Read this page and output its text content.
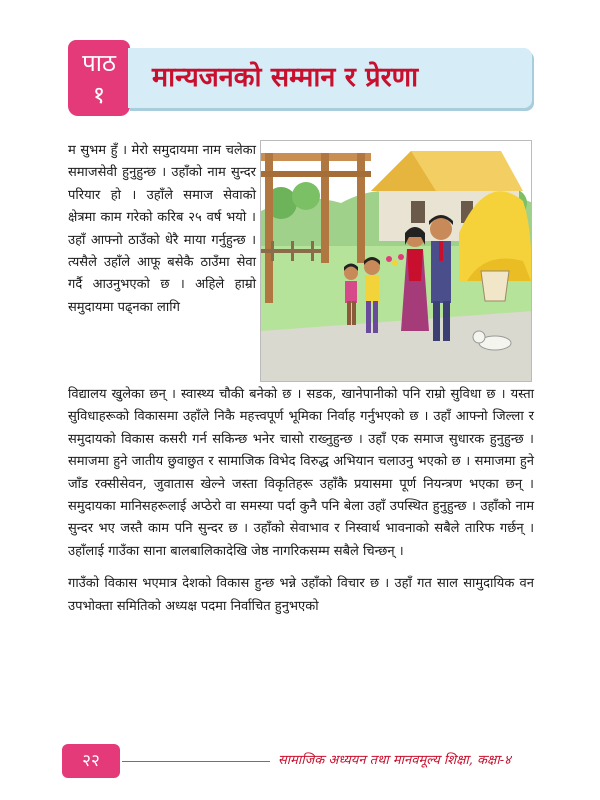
पाठ
१
मान्यजनको सम्मान र प्रेरणा

म सुभम हुँ । मेरो समुदायमा नाम चलेका समाजसेवी हुनुहुन्छ । उहाँको नाम सुन्दर परियार हो । उहाँले समाज सेवाको क्षेत्रमा काम गरेको करिब २५ वर्ष भयो । उहाँ आफ्नो ठाउँको धेरै माया गर्नुहुन्छ । त्यसैले उहाँले आफू बसेकै ठाउँमा सेवा गर्दै आउनुभएको छ । अहिले हाम्रो समुदायमा पढ्नका लागि

विद्यालय खुलेका छन् । स्वास्थ्य चौकी बनेको छ । सडक, खानेपानीको पनि राम्रो सुविधा छ । यस्ता सुविधाहरूको विकासमा उहाँले निकै महत्त्वपूर्ण भूमिका निर्वाह गर्नुभएको छ । उहाँ आफ्नो जिल्ला र समुदायको विकास कसरी गर्न सकिन्छ भनेर चासो राख्नुहुन्छ । उहाँ एक समाज सुधारक हुनुहुन्छ । समाजमा हुने जातीय छुवाछुत र सामाजिक विभेद विरुद्ध अभियान चलाउनु भएको छ । समाजमा हुने जाँड रक्सीसेवन, जुवातास खेल्ने जस्ता विकृतिहरू उहाँकै प्रयासमा पूर्ण नियन्त्रण भएका छन् । समुदायका मानिसहरूलाई अप्ठेरो वा समस्या पर्दा कुनै पनि बेला उहाँ उपस्थित हुनुहुन्छ । उहाँको नाम सुन्दर भए जस्तै काम पनि सुन्दर छ । उहाँको सेवाभाव र निस्वार्थ भावनाको सबैले तारिफ गर्छन् । उहाँलाई गाउँका साना बालबालिकादेखि जेष्ठ नागरिकसम्म सबैले चिन्छन् ।

गाउँको विकास भएमात्र देशको विकास हुन्छ भन्ने उहाँको विचार छ । उहाँ गत साल सामुदायिक वन उपभोक्ता समितिको अध्यक्ष पदमा निर्वाचित हुनुभएको

२२	सामाजिक अध्ययन तथा मानवमूल्य शिक्षा, कक्षा-४
